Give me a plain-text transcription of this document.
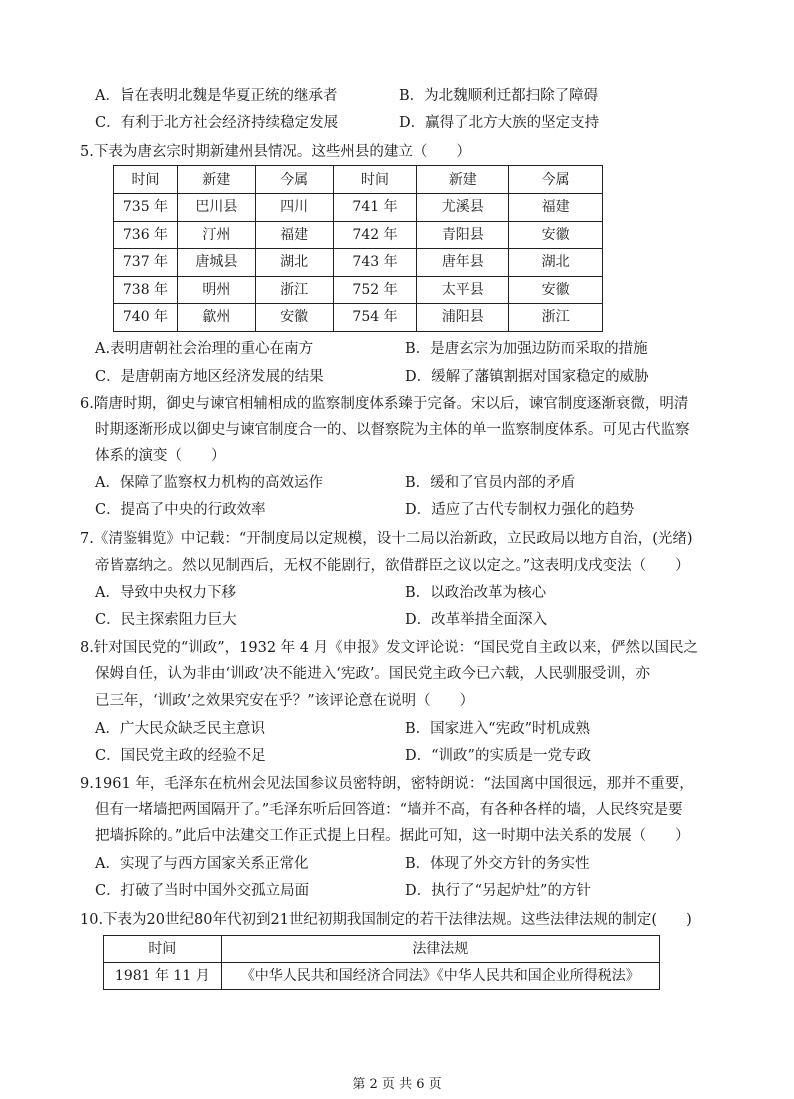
A．旨在表明北魏是华夏正统的继承者	B．为北魏顺利迁都扫除了障碍
C．有利于北方社会经济持续稳定发展	D．赢得了北方大族的坚定支持
5.下表为唐玄宗时期新建州县情况。这些州县的建立（　　）
时间	新建	今属	时间	新建	今属
735 年	巴川县	四川	741 年	尤溪县	福建
736 年	汀州	福建	742 年	青阳县	安徽
737 年	唐城县	湖北	743 年	唐年县	湖北
738 年	明州	浙江	752 年	太平县	安徽
740 年	歙州	安徽	754 年	浦阳县	浙江
A.表明唐朝社会治理的重心在南方	B．是唐玄宗为加强边防而采取的措施
C．是唐朝南方地区经济发展的结果	D．缓解了藩镇割据对国家稳定的威胁
6.隋唐时期，御史与谏官相辅相成的监察制度体系臻于完备。宋以后，谏官制度逐渐衰微，明清
时期逐渐形成以御史与谏官制度合一的、以督察院为主体的单一监察制度体系。可见古代监察
体系的演变（　　）
A．保障了监察权力机构的高效运作	B．缓和了官员内部的矛盾
C．提高了中央的行政效率	D．适应了古代专制权力强化的趋势
7.《清鉴辑览》中记载：“开制度局以定规模，设十二局以治新政，立民政局以地方自治，(光绪)
帝皆嘉纳之。然以见制西后，无权不能剧行，欲借群臣之议以定之。”这表明戊戌变法（　　）
A．导致中央权力下移	B．以政治改革为核心
C．民主探索阻力巨大	D．改革举措全面深入
8.针对国民党的“训政”，1932 年 4 月《申报》发文评论说：“国民党自主政以来，俨然以国民之
保姆自任，认为非由‘训政’决不能进入‘宪政’。国民党主政今已六载，人民驯服受训，亦
已三年，‘训政’之效果究安在乎？”该评论意在说明（　　）
A．广大民众缺乏民主意识	B．国家进入“宪政”时机成熟
C．国民党主政的经验不足	D．“训政”的实质是一党专政
9.1961 年，毛泽东在杭州会见法国参议员密特朗，密特朗说：“法国离中国很远，那并不重要，
但有一堵墙把两国隔开了。”毛泽东听后回答道：“墙并不高，有各种各样的墙，人民终究是要
把墙拆除的。”此后中法建交工作正式提上日程。据此可知，这一时期中法关系的发展（　　）
A．实现了与西方国家关系正常化	B．体现了外交方针的务实性
C．打破了当时中国外交孤立局面	D．执行了“另起炉灶”的方针
10.下表为20世纪80年代初到21世纪初期我国制定的若干法律法规。这些法律法规的制定(　　)
时间	法律法规
1981 年 11 月	《中华人民共和国经济合同法》《中华人民共和国企业所得税法》
第 2 页 共 6 页
